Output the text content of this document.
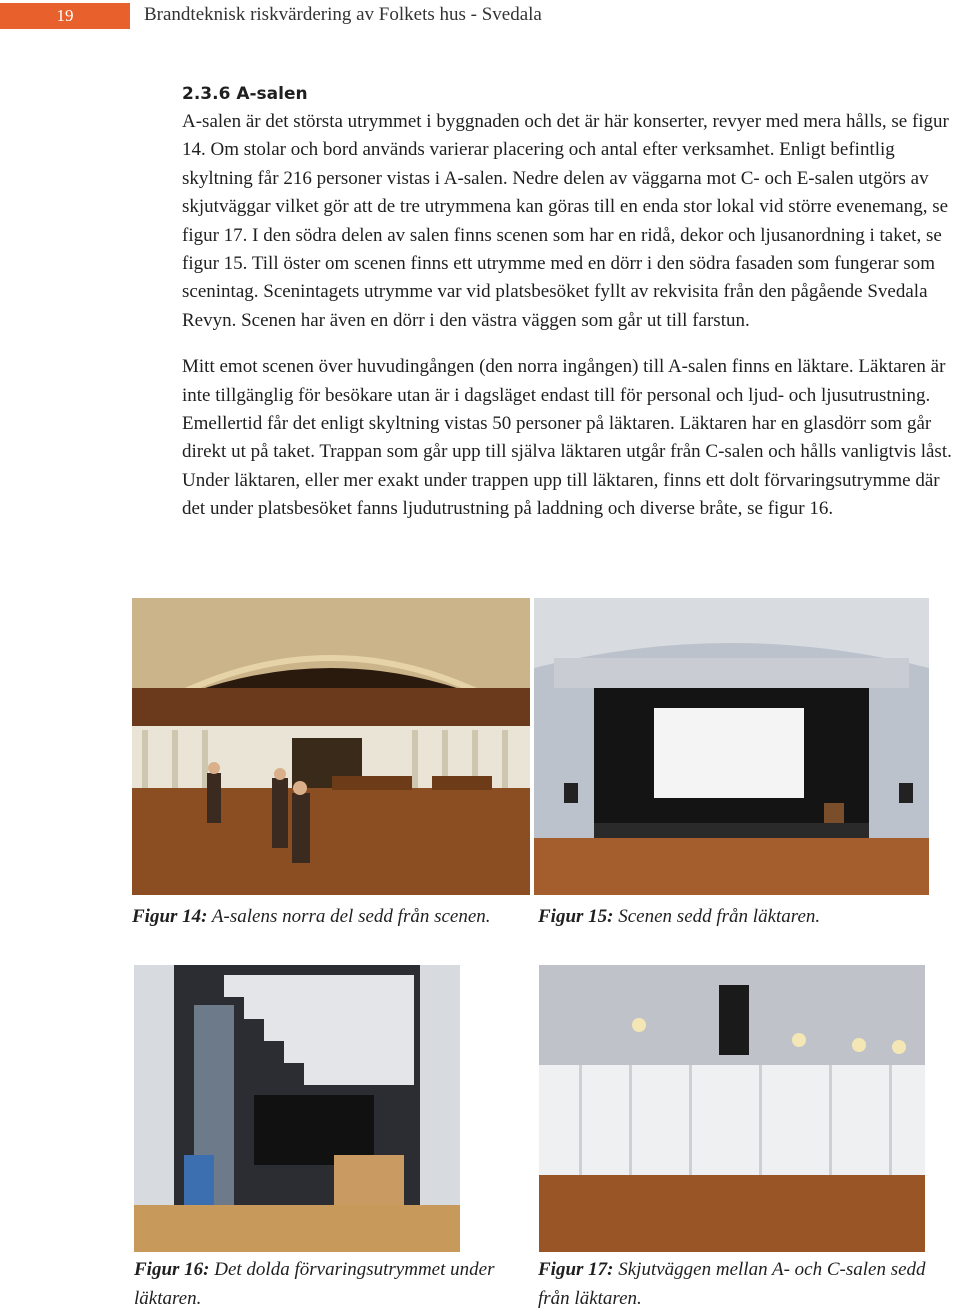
19	Brandteknisk riskvärdering av Folkets hus - Svedala
2.3.6 A-salen

A-salen är det största utrymmet i byggnaden och det är här konserter, revyer med mera hålls, se figur 14. Om stolar och bord används varierar placering och antal efter verksamhet. Enligt befintlig skyltning får 216 personer vistas i A-salen. Nedre delen av väggarna mot C- och E-salen utgörs av skjutväggar vilket gör att de tre utrymmena kan göras till en enda stor lokal vid större evenemang, se figur 17. I den södra delen av salen finns scenen som har en ridå, dekor och ljusanordning i taket, se figur 15. Till öster om scenen finns ett utrymme med en dörr i den södra fasaden som fungerar som scenintag. Scenintagets utrymme var vid platsbesöket fyllt av rekvisita från den pågående Svedala Revyn. Scenen har även en dörr i den västra väggen som går ut till farstun.

Mitt emot scenen över huvudingången (den norra ingången) till A-salen finns en läktare. Läktaren är inte tillgänglig för besökare utan är i dagsläget endast till för personal och ljud- och ljusutrustning. Emellertid får det enligt skyltning vistas 50 personer på läktaren. Läktaren har en glasdörr som går direkt ut på taket. Trappan som går upp till själva läktaren utgår från C-salen och hålls vanligtvis låst. Under läktaren, eller mer exakt under trappen upp till läktaren, finns ett dolt förvaringsutrymme där det under platsbesöket fanns ljudutrustning på laddning och diverse bråte, se figur 16.

Figur 14: A-salens norra del sedd från scenen.	Figur 15: Scenen sedd från läktaren.
Figur 16: Det dolda förvaringsutrymmet under läktaren.
Figur 17: Skjutväggen mellan A- och C-salen sedd från läktaren.
